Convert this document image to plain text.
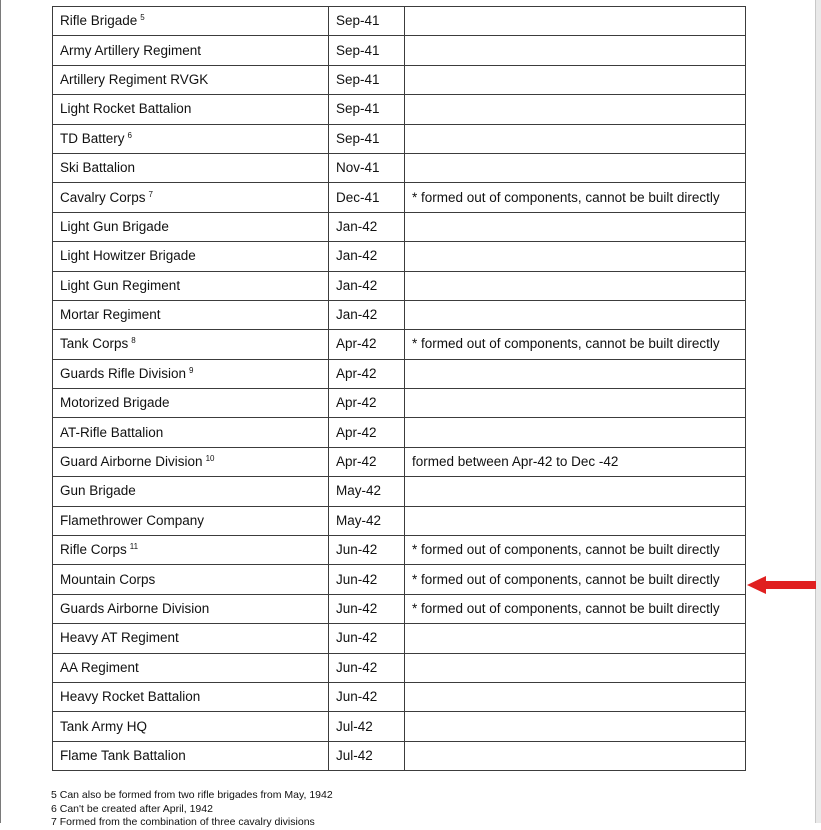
Rifle Brigade $^5$	Sep-41	
Army Artillery Regiment	Sep-41	
Artillery Regiment RVGK	Sep-41	
Light Rocket Battalion	Sep-41	
TD Battery $^6$	Sep-41	
Ski Battalion	Nov-41	
Cavalry Corps $^7$	Dec-41	* formed out of components, cannot be built directly
Light Gun Brigade	Jan-42	
Light Howitzer Brigade	Jan-42	
Light Gun Regiment	Jan-42	
Mortar Regiment	Jan-42	
Tank Corps $^8$	Apr-42	* formed out of components, cannot be built directly
Guards Rifle Division $^9$	Apr-42	
Motorized Brigade	Apr-42	
AT-Rifle Battalion	Apr-42	
Guard Airborne Division $^{10}$	Apr-42	formed between Apr-42 to Dec -42
Gun Brigade	May-42	
Flamethrower Company	May-42	
Rifle Corps $^{11}$	Jun-42	* formed out of components, cannot be built directly
Mountain Corps	Jun-42	* formed out of components, cannot be built directly
Guards Airborne Division	Jun-42	* formed out of components, cannot be built directly
Heavy AT Regiment	Jun-42	
AA Regiment	Jun-42	
Heavy Rocket Battalion	Jun-42	
Tank Army HQ	Jul-42	
Flame Tank Battalion	Jul-42	
5 Can also be formed from two rifle brigades from May, 1942
6 Can't be created after April, 1942
7 Formed from the combination of three cavalry divisions
